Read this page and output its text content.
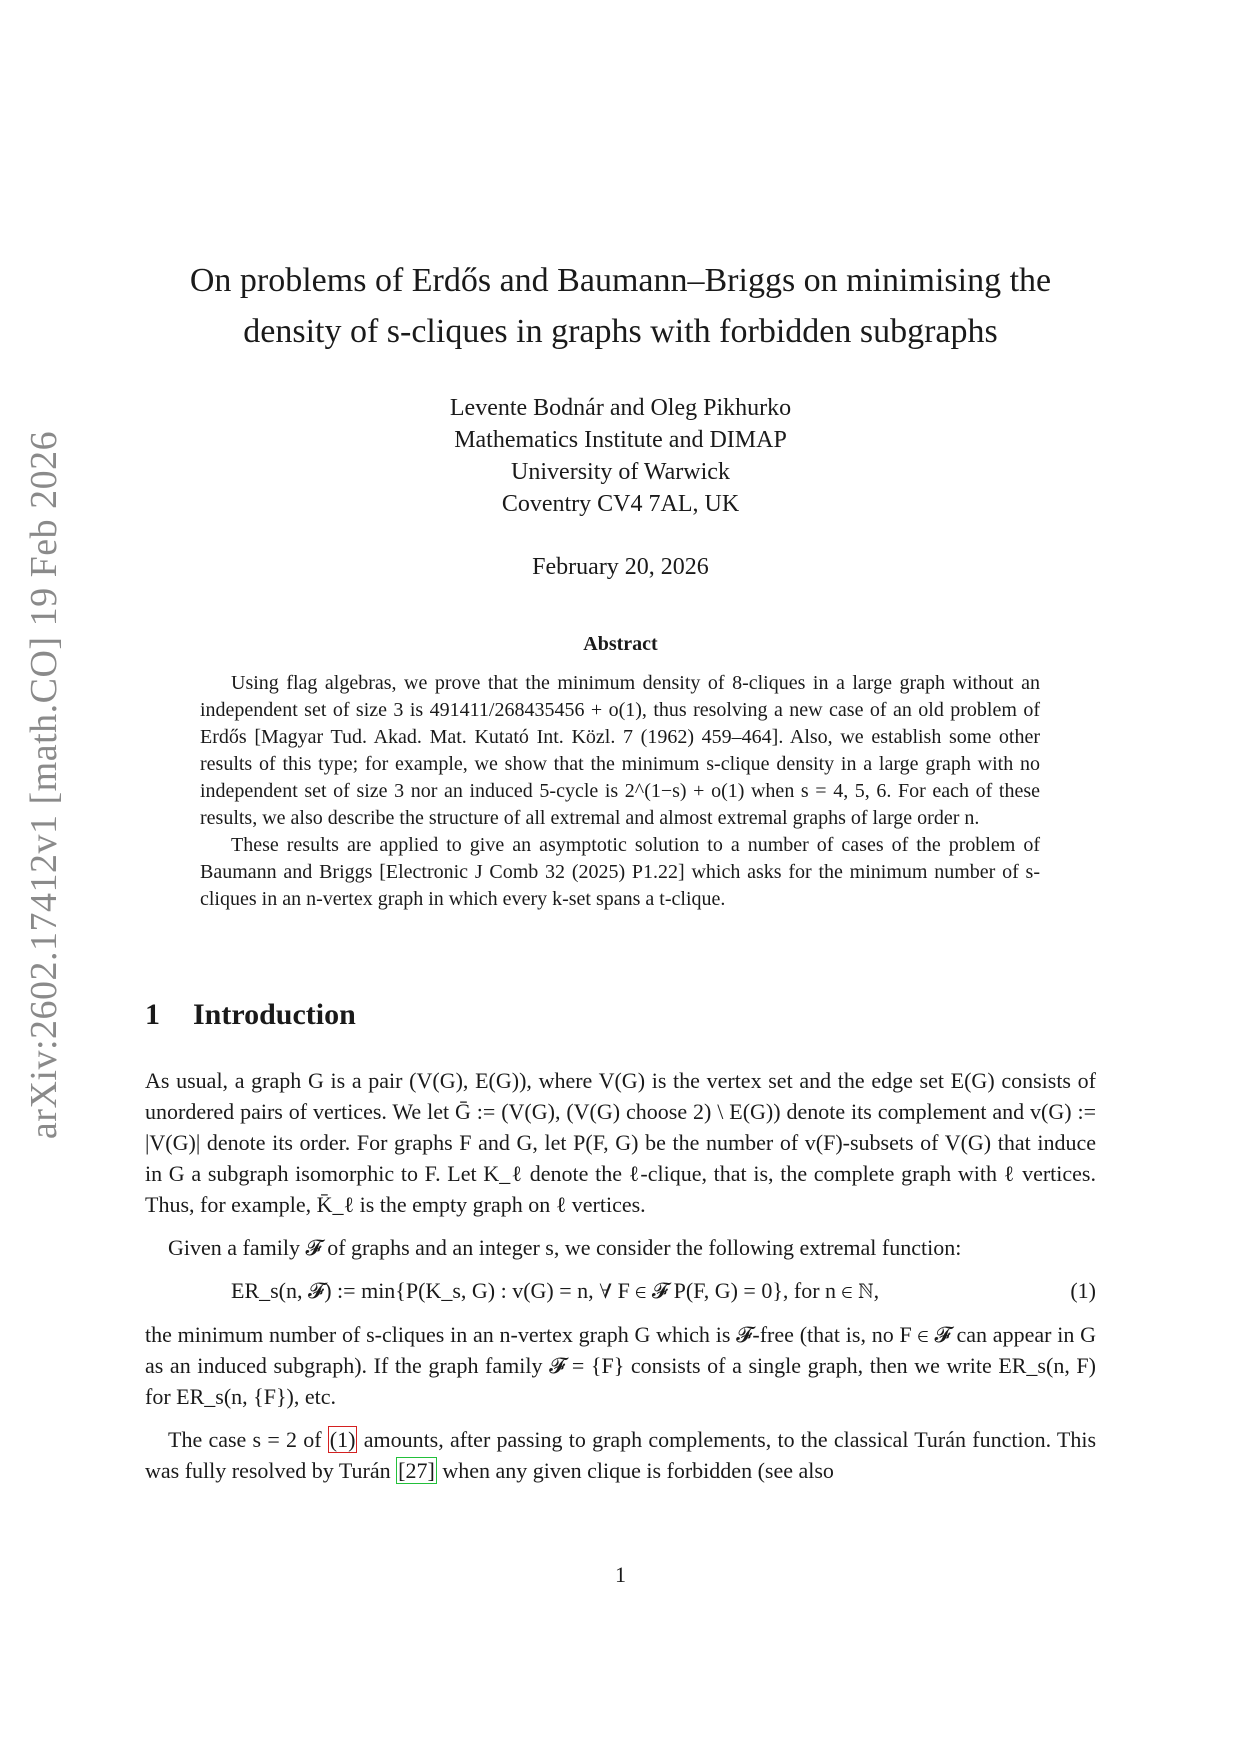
arXiv:2602.17412v1 [math.CO] 19 Feb 2026
On problems of Erdős and Baumann–Briggs on minimising the
density of s-cliques in graphs with forbidden subgraphs
Levente Bodnár and Oleg Pikhurko
Mathematics Institute and DIMAP
University of Warwick
Coventry CV4 7AL, UK
February 20, 2026
Abstract

Using flag algebras, we prove that the minimum density of 8-cliques in a large graph without an independent set of size 3 is 491411/268435456 + o(1), thus resolving a new case of an old problem of Erdős [Magyar Tud. Akad. Mat. Kutató Int. Közl. 7 (1962) 459–464]. Also, we establish some other results of this type; for example, we show that the minimum s-clique density in a large graph with no independent set of size 3 nor an induced 5-cycle is 2^(1−s) + o(1) when s = 4, 5, 6. For each of these results, we also describe the structure of all extremal and almost extremal graphs of large order n.

These results are applied to give an asymptotic solution to a number of cases of the problem of Baumann and Briggs [Electronic J Comb 32 (2025) P1.22] which asks for the minimum number of s-cliques in an n-vertex graph in which every k-set spans a t-clique.

1 Introduction

As usual, a graph G is a pair (V(G), E(G)), where V(G) is the vertex set and the edge set E(G) consists of unordered pairs of vertices. We let Ḡ := (V(G), (V(G) choose 2) \ E(G)) denote its complement and v(G) := |V(G)| denote its order. For graphs F and G, let P(F, G) be the number of v(F)-subsets of V(G) that induce in G a subgraph isomorphic to F. Let K_ℓ denote the ℓ-clique, that is, the complete graph with ℓ vertices. Thus, for example, K̄_ℓ is the empty graph on ℓ vertices.

Given a family 𝓕 of graphs and an integer s, we consider the following extremal function:

ER_s(n, 𝓕) := min{P(K_s, G) : v(G) = n, ∀ F ∈ 𝓕 P(F, G) = 0}, for n ∈ ℕ,	(1)

the minimum number of s-cliques in an n-vertex graph G which is 𝓕-free (that is, no F ∈ 𝓕 can appear in G as an induced subgraph). If the graph family 𝓕 = {F} consists of a single graph, then we write ER_s(n, F) for ER_s(n, {F}), etc.

The case s = 2 of (1) amounts, after passing to graph complements, to the classical Turán function. This was fully resolved by Turán [27] when any given clique is forbidden (see also

1
